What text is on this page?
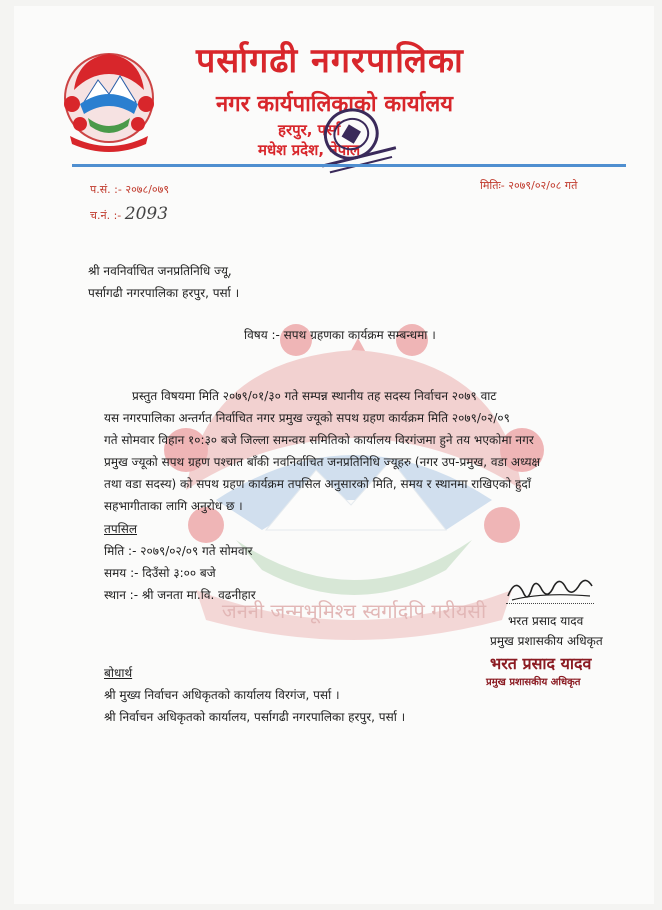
जननी जन्मभूमिश्च स्वर्गादपि गरीयसी
पर्सागढी नगरपालिका
नगर कार्यपालिकाको कार्यालय
हरपुर, पर्सा
मधेश प्रदेश, नेपाल
प.सं. :- २०७८/०७९
च.नं. :- 2093
मितिः- २०७९/०२/०८ गते
श्री नवनिर्वाचित जनप्रतिनिधि ज्यू,
पर्सागढी नगरपालिका हरपुर, पर्सा ।
विषय :- सपथ ग्रहणका कार्यक्रम सम्बन्धमा ।
प्रस्तुत विषयमा मिति २०७९/०१/३० गते सम्पन्न स्थानीय तह सदस्य निर्वाचन २०७९ वाट
यस नगरपालिका अन्तर्गत निर्वाचित नगर प्रमुख ज्यूको सपथ ग्रहण कार्यक्रम मिति २०७९/०२/०९
गते सोमवार विहान १०:३० बजे जिल्ला समन्वय समितिको कार्यालय विरगंजमा हुने तय भएकोमा नगर
प्रमुख ज्यूको सपथ ग्रहण पश्चात बाँकी नवनिर्वाचित जनप्रतिनिधि ज्यूहरु (नगर उप-प्रमुख, वडा अध्यक्ष
तथा वडा सदस्य) को सपथ ग्रहण कार्यक्रम तपसिल अनुसारको मिति, समय र स्थानमा राखिएको हुदाँ
सहभागीताका लागि अनुरोध छ ।
तपसिल
मिति :- २०७९/०२/०९ गते सोमवार
समय :- दिउँसो ३:०० बजे
स्थान :- श्री जनता मा.वि. वढनीहार
भरत प्रसाद यादव
प्रमुख प्रशासकीय अधिकृत
भरत प्रसाद यादव
प्रमुख प्रशासकीय अधिकृत
बोधार्थ
श्री मुख्य निर्वाचन अधिकृतको कार्यालय विरगंज, पर्सा ।
श्री निर्वाचन अधिकृतको कार्यालय, पर्सागढी नगरपालिका हरपुर, पर्सा ।
